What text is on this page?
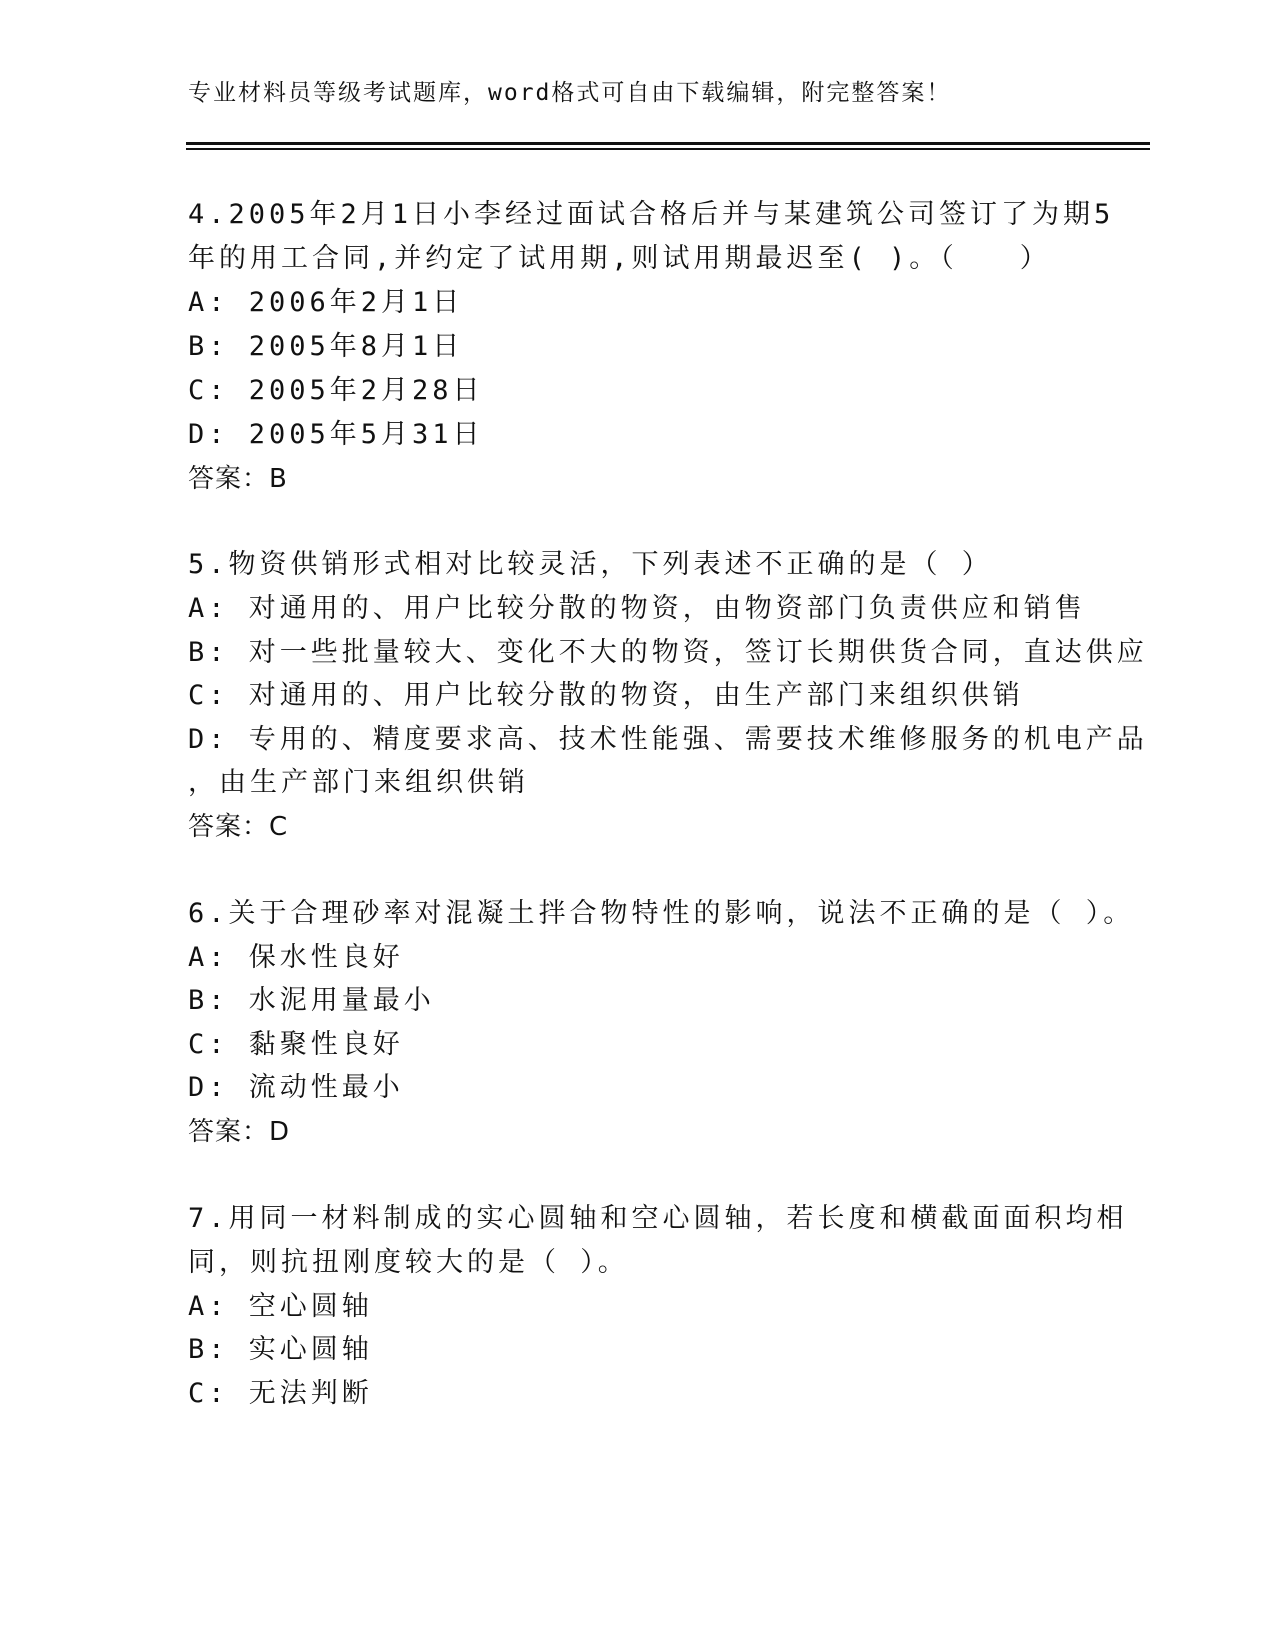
专业材料员等级考试题库，word格式可自由下载编辑，附完整答案！
4.2005年2月1日小李经过面试合格后并与某建筑公司签订了为期5
年的用工合同,并约定了试用期,则试用期最迟至( )。（　　）
A: 2006年2月1日
B: 2005年8月1日
C: 2005年2月28日
D: 2005年5月31日
答案：B
5.物资供销形式相对比较灵活，下列表述不正确的是（ ）
A: 对通用的、用户比较分散的物资，由物资部门负责供应和销售
B: 对一些批量较大、变化不大的物资，签订长期供货合同，直达供应
C: 对通用的、用户比较分散的物资，由生产部门来组织供销
D: 专用的、精度要求高、技术性能强、需要技术维修服务的机电产品
，由生产部门来组织供销
答案：C
6.关于合理砂率对混凝土拌合物特性的影响，说法不正确的是（ ）。
A: 保水性良好
B: 水泥用量最小
C: 黏聚性良好
D: 流动性最小
答案：D
7.用同一材料制成的实心圆轴和空心圆轴，若长度和横截面面积均相
同，则抗扭刚度较大的是（ ）。
A: 空心圆轴
B: 实心圆轴
C: 无法判断
